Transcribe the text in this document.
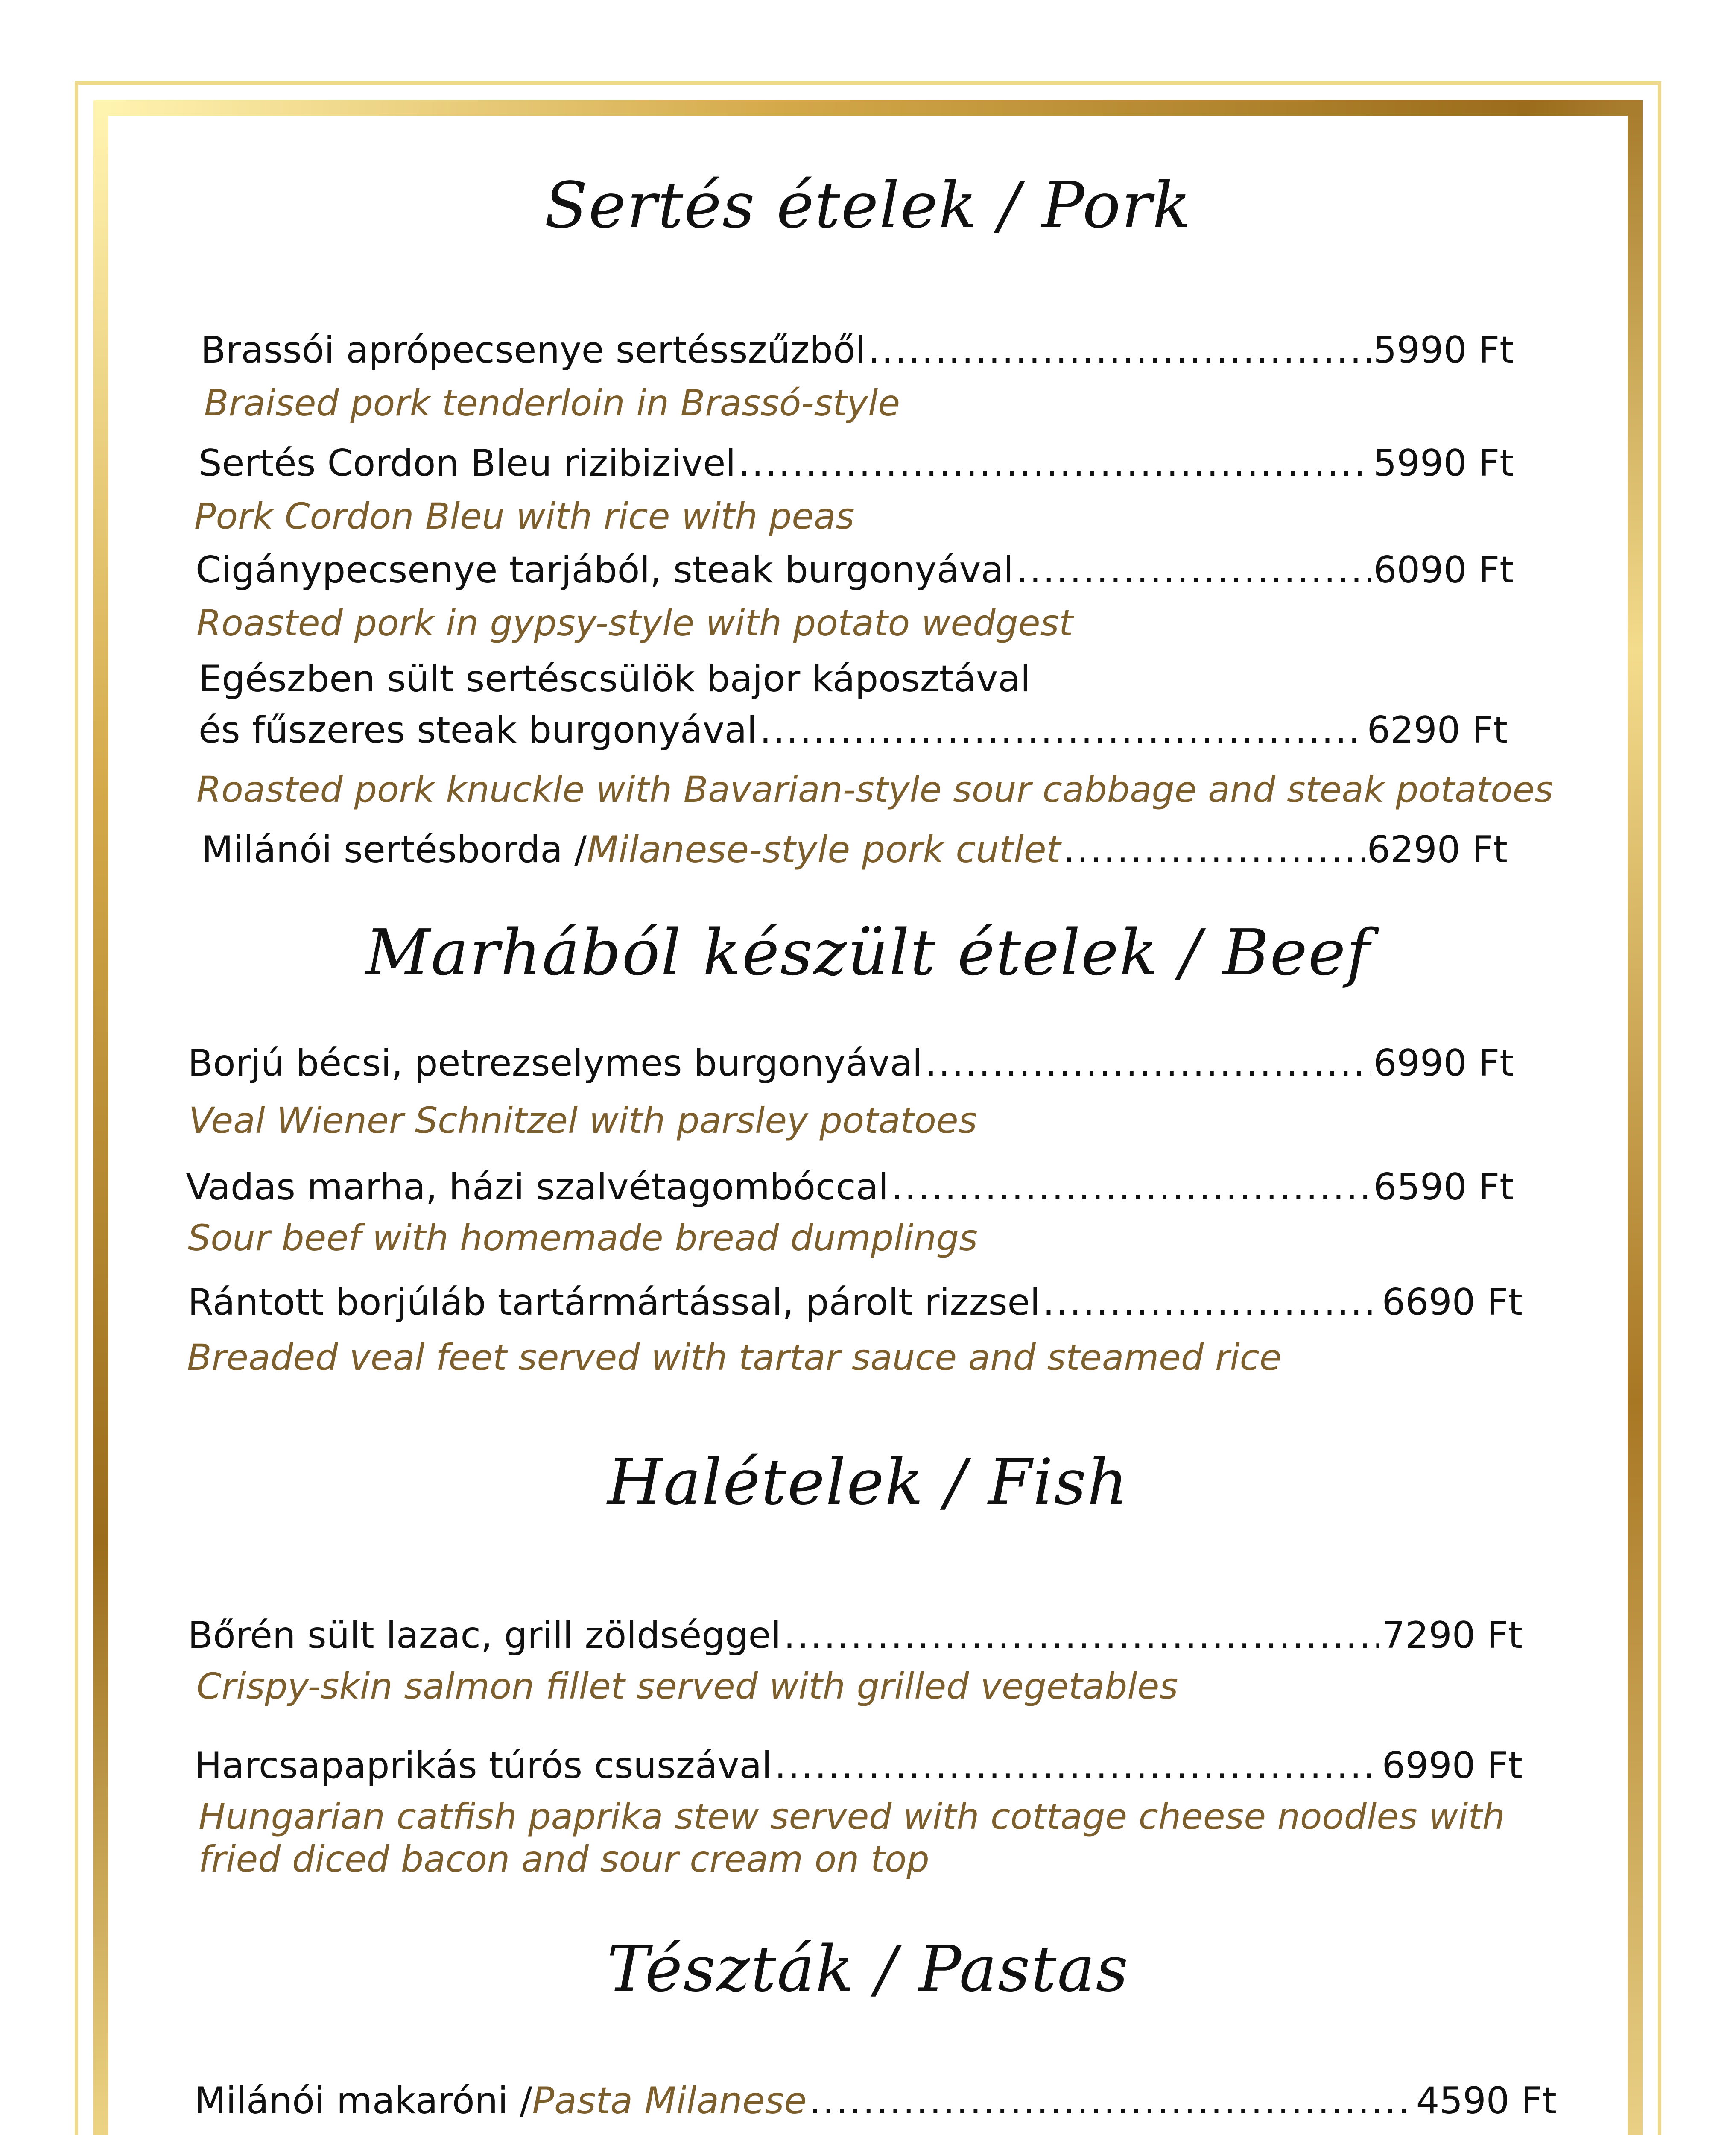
Sertés ételek / Pork
Brassói aprópecsenye sertésszűzből .....	5990 Ft
Braised pork tenderloin in Brassó-style
Sertés Cordon Bleu rizibizivel .....	5990 Ft
Pork Cordon Bleu with rice with peas
Cigánypecsenye tarjából, steak burgonyával .....	6090 Ft
Roasted pork in gypsy-style with potato wedgest
Egészben sült sertéscsülök bajor káposztával
és fűszeres steak burgonyával .....	6290 Ft
Roasted pork knuckle with Bavarian-style sour cabbage and steak potatoes
Milánói sertésborda / Milanese-style pork cutlet .....	6290 Ft
Marhából készült ételek / Beef
Borjú bécsi, petrezselymes burgonyával .....	6990 Ft
Veal Wiener Schnitzel with parsley potatoes
Vadas marha, házi szalvétagombóccal .....	6590 Ft
Sour beef with homemade bread dumplings
Rántott borjúláb tartármártással, párolt rizzsel .....	6690 Ft
Breaded veal feet served with tartar sauce and steamed rice
Halételek / Fish
Bőrén sült lazac, grill zöldséggel .....	7290 Ft
Crispy-skin salmon fillet served with grilled vegetables
Harcsapaprikás túrós csuszával .....	6990 Ft
Hungarian catfish paprika stew served with cottage cheese noodles with
fried diced bacon and sour cream on top
Tészták / Pastas
Milánói makaróni / Pasta Milanese .....	4590 Ft
